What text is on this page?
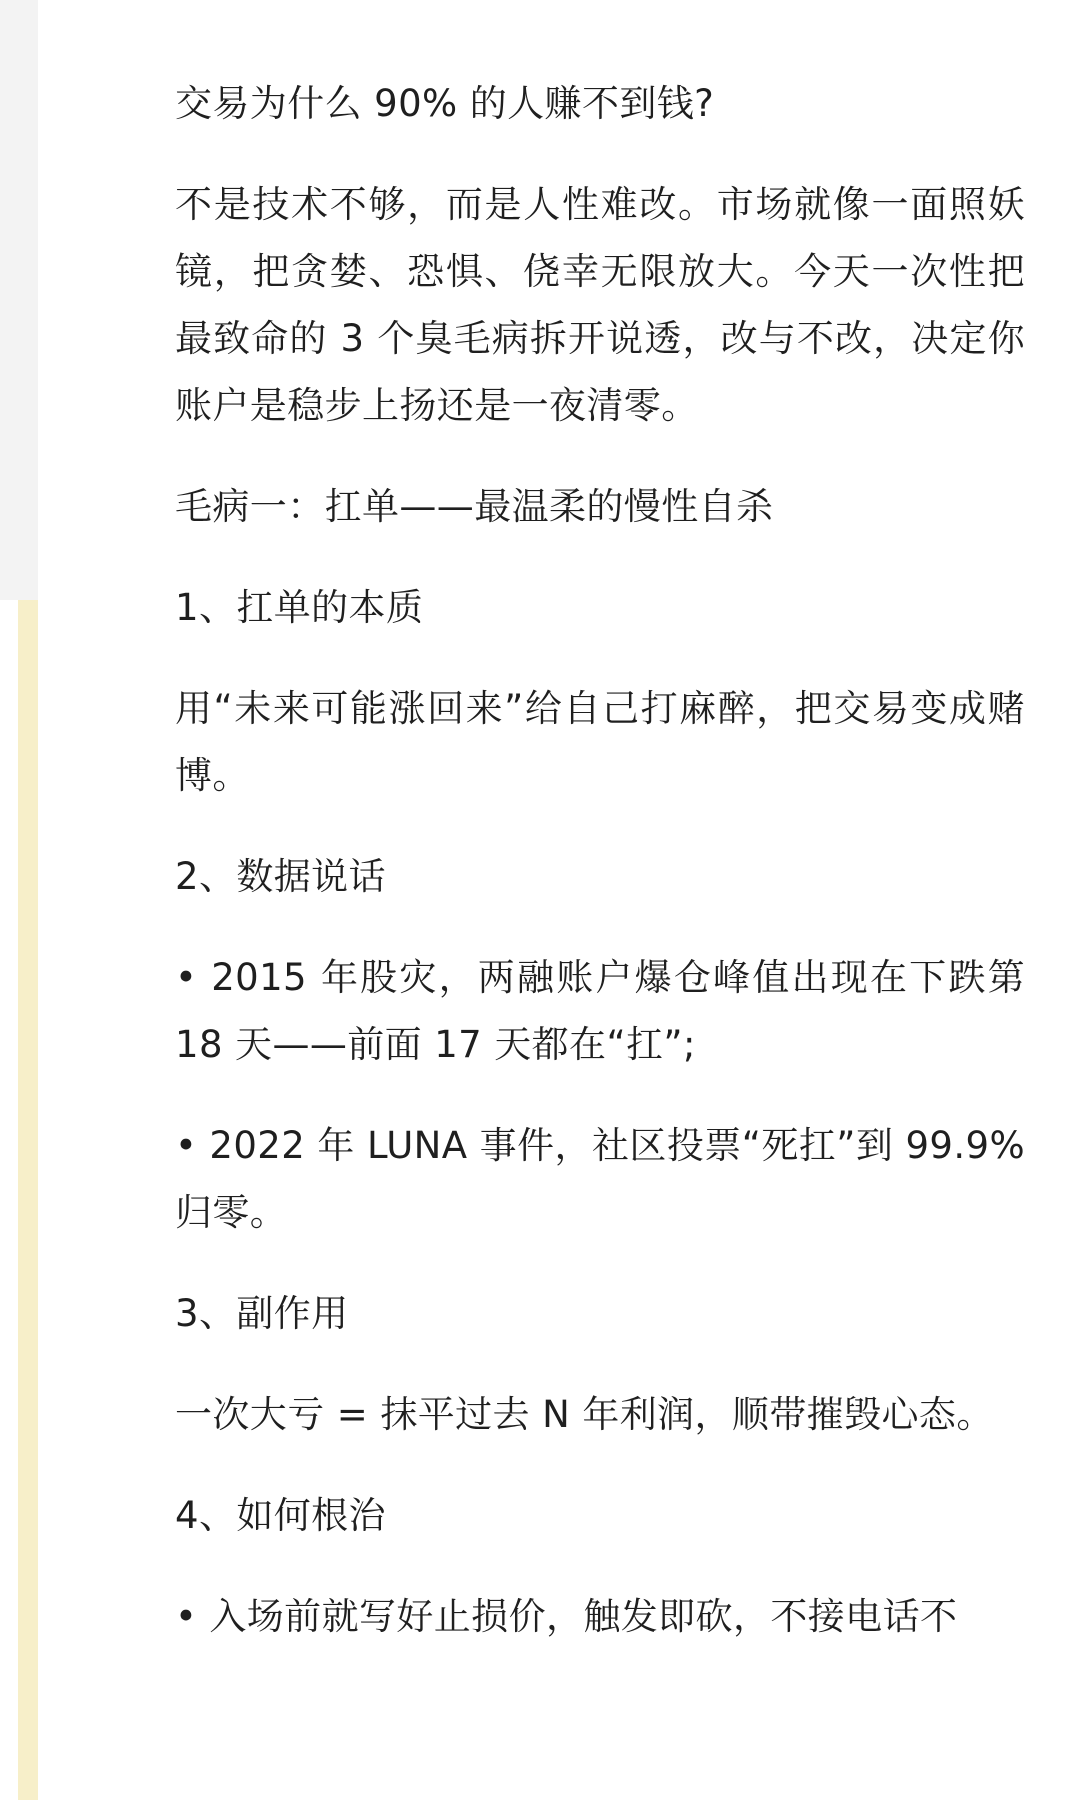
交易为什么 90% 的人赚不到钱?

不是技术不够，而是人性难改。市场就像一面照妖镜，把贪婪、恐惧、侥幸无限放大。今天一次性把最致命的 3 个臭毛病拆开说透，改与不改，决定你账户是稳步上扬还是一夜清零。

毛病一：扛单——最温柔的慢性自杀

1、扛单的本质

用“未来可能涨回来”给自己打麻醉，把交易变成赌博。

2、数据说话

• 2015 年股灾，两融账户爆仓峰值出现在下跌第 18 天——前面 17 天都在“扛”;

• 2022 年 LUNA 事件，社区投票“死扛”到 99.9% 归零。

3、副作用

一次大亏 = 抹平过去 N 年利润，顺带摧毁心态。

4、如何根治

• 入场前就写好止损价，触发即砍，不接电话不
